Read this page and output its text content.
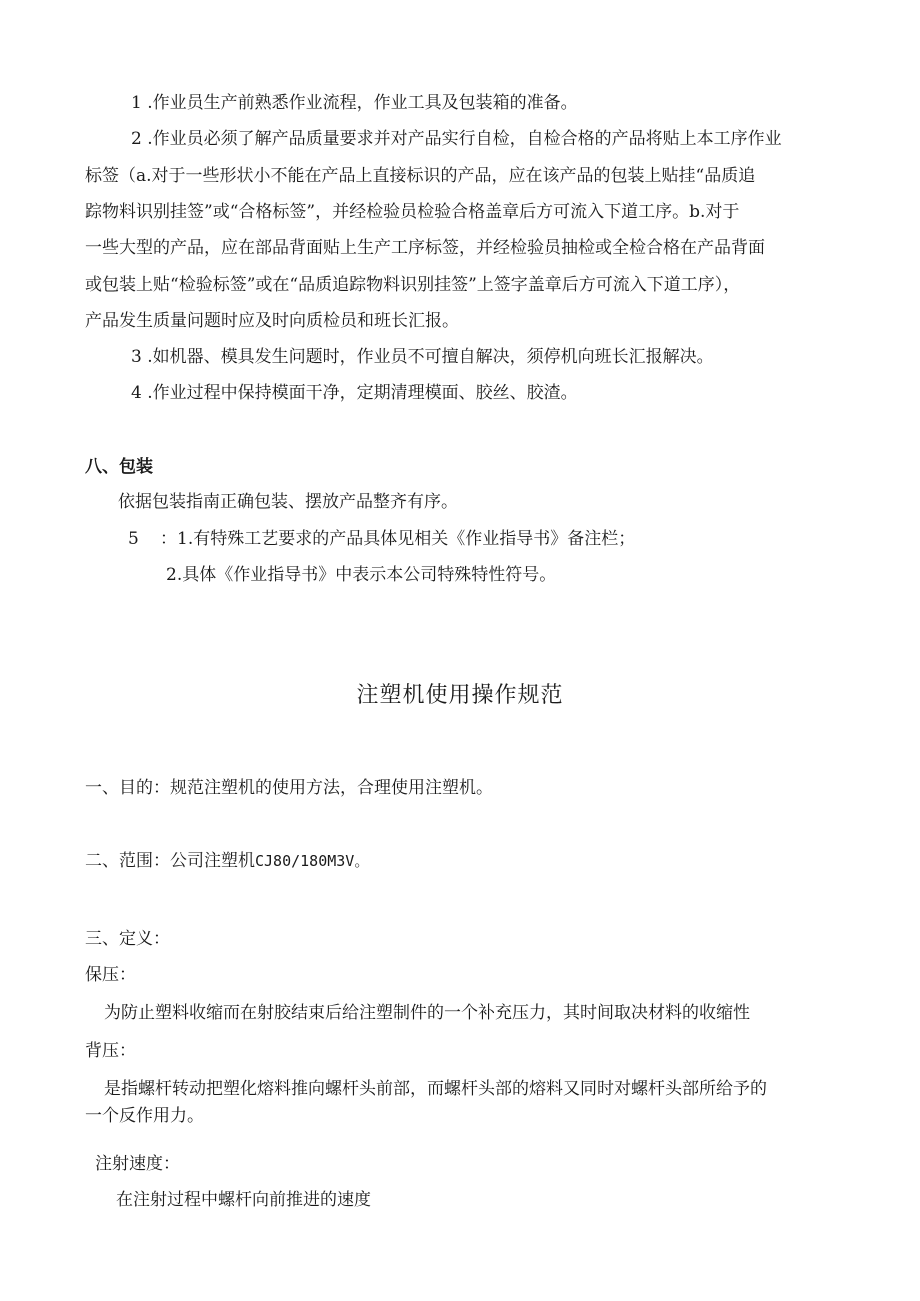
1 .作业员生产前熟悉作业流程，作业工具及包装箱的准备。
2 .作业员必须了解产品质量要求并对产品实行自检，自检合格的产品将贴上本工序作业
标签（a.对于一些形状小不能在产品上直接标识的产品，应在该产品的包装上贴挂“品质追
踪物料识别挂签”或“合格标签”，并经检验员检验合格盖章后方可流入下道工序。b.对于
一些大型的产品，应在部品背面贴上生产工序标签，并经检验员抽检或全检合格在产品背面
或包装上贴“检验标签”或在“品质追踪物料识别挂签”上签字盖章后方可流入下道工序），
产品发生质量问题时应及时向质检员和班长汇报。
3 .如机器、模具发生问题时，作业员不可擅自解决，须停机向班长汇报解决。
4 .作业过程中保持模面干净，定期清理模面、胶丝、胶渣。
八、包装
依据包装指南正确包装、摆放产品整齐有序。
5 ：1.有特殊工艺要求的产品具体见相关《作业指导书》备注栏；
2.具体《作业指导书》中表示本公司特殊特性符号。
注塑机使用操作规范
一、目的：规范注塑机的使用方法，合理使用注塑机。
二、范围：公司注塑机CJ80/180M3V。
三、定义：
保压：
为防止塑料收缩而在射胶结束后给注塑制件的一个补充压力，其时间取决材料的收缩性
背压：
是指螺杆转动把塑化熔料推向螺杆头前部，而螺杆头部的熔料又同时对螺杆头部所给予的
一个反作用力。
注射速度：
在注射过程中螺杆向前推进的速度
